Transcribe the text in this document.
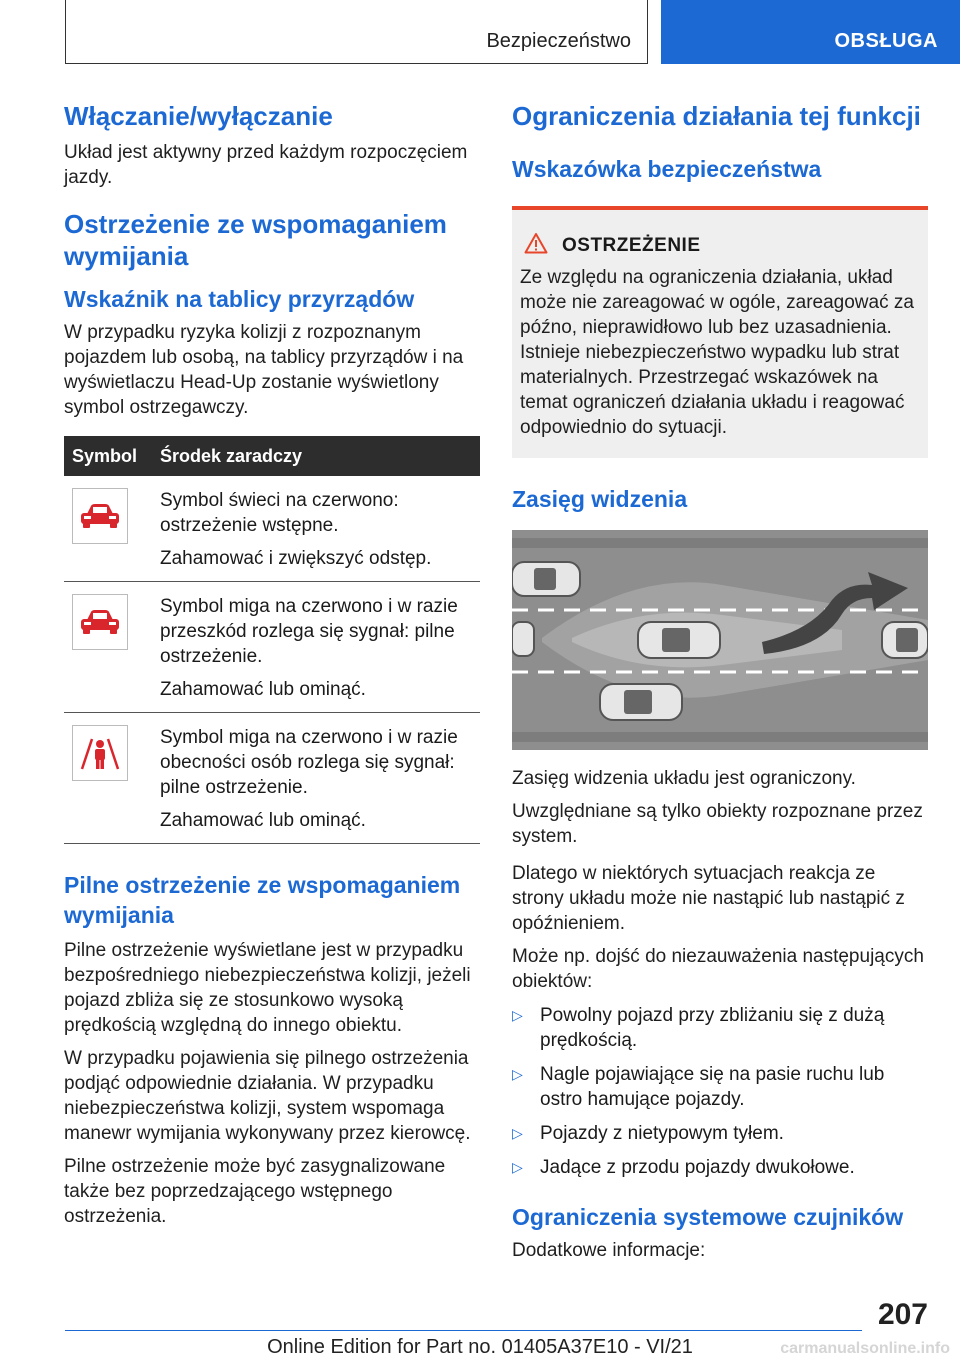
Bezpieczeństwo	OBSŁUGA
Włączanie/wyłączanie

Układ jest aktywny przed każdym rozpoczęciem jazdy.

Ostrzeżenie ze wspomaganiem wymijania
Wskaźnik na tablicy przyrządów

W przypadku ryzyka kolizji z rozpoznanym pojazdem lub osobą, na tablicy przyrządów i na wyświetlaczu Head-Up zostanie wyświetlony symbol ostrzegawczy.

Symbol	Środek zaradczy

Symbol świeci na czerwono: ostrzeżenie wstępne.
Zahamować i zwiększyć odstęp.

Symbol miga na czerwono i w razie przeszkód rozlega się sygnał: pilne ostrzeżenie.
Zahamować lub ominąć.

Symbol miga na czerwono i w razie obecności osób rozlega się sygnał: pilne ostrzeżenie.
Zahamować lub ominąć.
Pilne ostrzeżenie ze wspomaganiem wymijania

Pilne ostrzeżenie wyświetlane jest w przypadku bezpośredniego niebezpieczeństwa kolizji, jeżeli pojazd zbliża się ze stosunkowo wysoką prędkością względną do innego obiektu.

W przypadku pojawienia się pilnego ostrzeżenia podjąć odpowiednie działania. W przypadku niebezpieczeństwa kolizji, system wspomaga manewr wymijania wykonywany przez kierowcę.

Pilne ostrzeżenie może być zasygnalizowane także bez poprzedzającego wstępnego ostrzeżenia.

Ograniczenia działania tej funkcji
Wskazówka bezpieczeństwa
OSTRZEŻENIE

Ze względu na ograniczenia działania, układ może nie zareagować w ogóle, zareagować za późno, nieprawidłowo lub bez uzasadnienia. Istnieje niebezpieczeństwo wypadku lub strat materialnych. Przestrzegać wskazówek na temat ograniczeń działania układu i reagować odpowiednio do sytuacji.

Zasięg widzenia

Zasięg widzenia układu jest ograniczony.

Uwzględniane są tylko obiekty rozpoznane przez system.

Dlatego w niektórych sytuacjach reakcja ze strony układu może nie nastąpić lub nastąpić z opóźnieniem.

Może np. dojść do niezauważenia następujących obiektów:

▷ Powolny pojazd przy zbliżaniu się z dużą prędkością.
▷ Nagle pojawiające się na pasie ruchu lub ostro hamujące pojazdy.
▷ Pojazdy z nietypowym tyłem.
▷ Jadące z przodu pojazdy dwukołowe.
Ograniczenia systemowe czujników

Dodatkowe informacje:

207
Online Edition for Part no. 01405A37E10 - VI/21	carmanualsonline.info
